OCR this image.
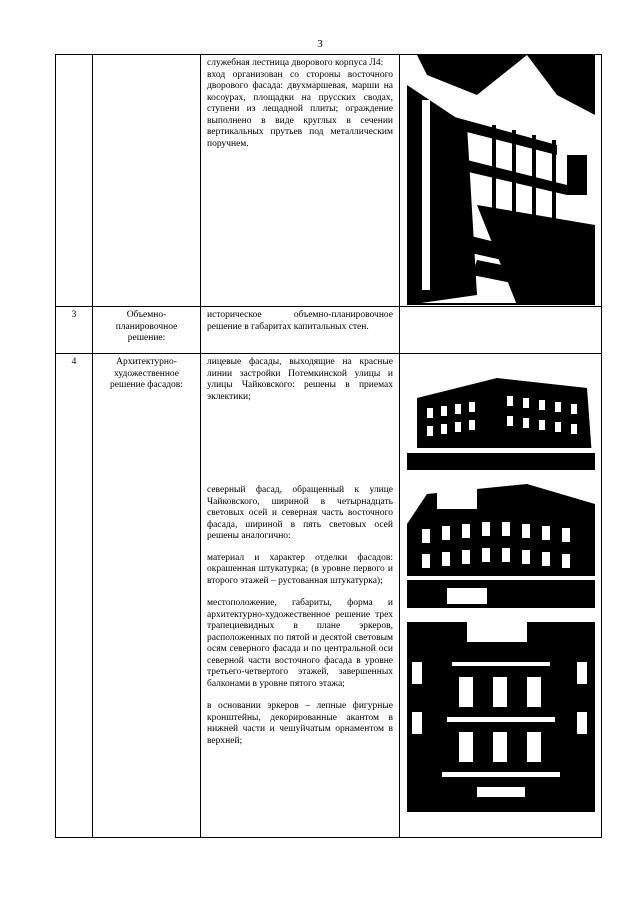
3

		служебная лестница дворового корпуса Л4:

вход организован со стороны восточного дворового фасада: двухмаршевая, марши на косоурах, площадки на прусских сводах, ступени из лещадной плиты; ограждение выполнено в виде круглых в сечении вертикальных прутьев под металлическим поручнем.

3	Объемно-планировочное решение:	историческое объемно-планировочное решение в габаритах капитальных стен.	

4	Архитектурно-художественное решение фасадов:	лицевые фасады, выходящие на красные линии застройки Потемкинской улицы и улицы Чайковского: решены в приемах эклектики;

северный фасад, обращенный к улице Чайковского, шириной в четырнадцать световых осей и северная часть восточного фасада, шириной в пять световых осей решены аналогично:

материал и характер отделки фасадов: окрашенная штукатурка; (в уровне первого и второго этажей – рустованная штукатурка);

местоположение, габариты, форма и архитектурно-художественное решение трех трапециевидных в плане эркеров, расположенных по пятой и десятой световым осям северного фасада и по центральной оси северной части восточного фасада в уровне третьего-четвертого этажей, завершенных балконами в уровне пятого этажа;

в основании эркеров – лепные фигурные кронштейны, декорированные акантом в нижней части и чешуйчатым орнаментом в верхней;
